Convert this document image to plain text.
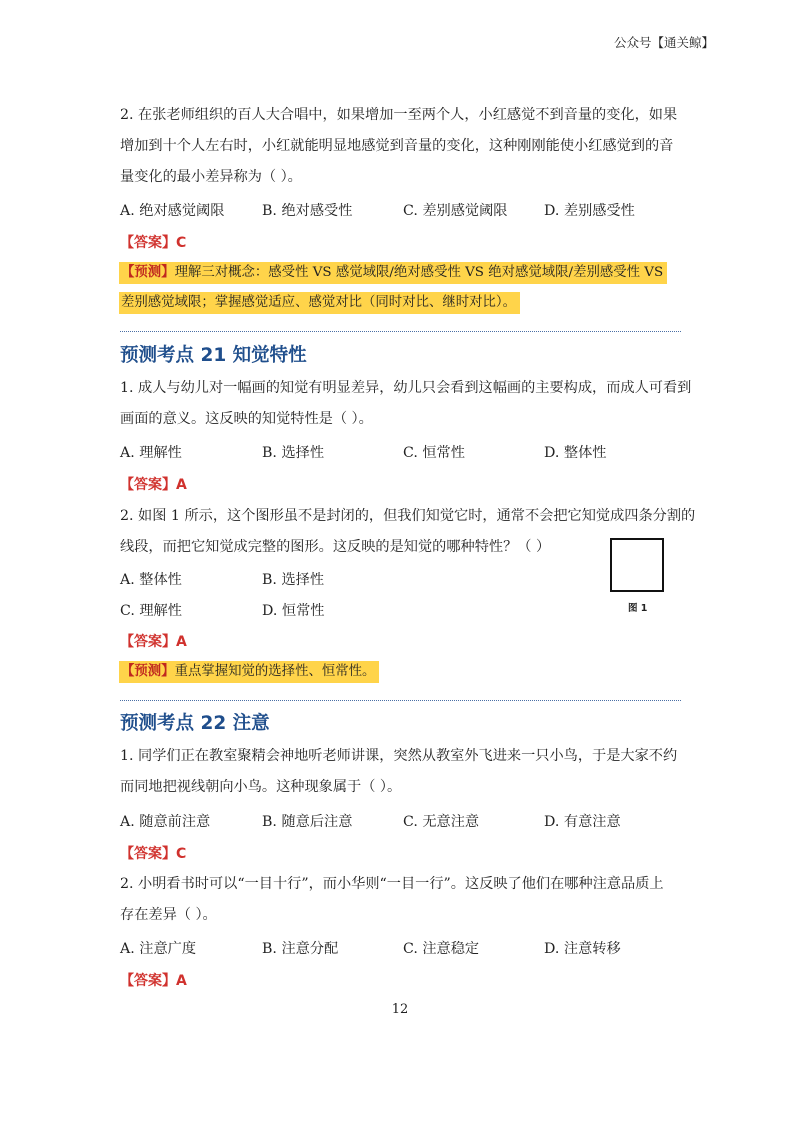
公众号【通关鲸】
2. 在张老师组织的百人大合唱中，如果增加一至两个人，小红感觉不到音量的变化，如果
增加到十个人左右时，小红就能明显地感觉到音量的变化，这种刚刚能使小红感觉到的音
量变化的最小差异称为（ ）。
A. 绝对感觉阈限	B. 绝对感受性	C. 差别感觉阈限	D. 差别感受性
【答案】C
【预测】理解三对概念：感受性 VS 感觉域限/绝对感受性 VS 绝对感觉域限/差别感受性 VS
差别感觉域限；掌握感觉适应、感觉对比（同时对比、继时对比）。
预测考点 21 知觉特性
1. 成人与幼儿对一幅画的知觉有明显差异，幼儿只会看到这幅画的主要构成，而成人可看到
画面的意义。这反映的知觉特性是（ ）。
A. 理解性	B. 选择性	C. 恒常性	D. 整体性
【答案】A
2. 如图 1 所示，这个图形虽不是封闭的，但我们知觉它时，通常不会把它知觉成四条分割的
线段，而把它知觉成完整的图形。这反映的是知觉的哪种特性？（ ）
A. 整体性	B. 选择性
C. 理解性	D. 恒常性	图 1
【答案】A
【预测】重点掌握知觉的选择性、恒常性。
预测考点 22 注意
1. 同学们正在教室聚精会神地听老师讲课，突然从教室外飞进来一只小鸟，于是大家不约
而同地把视线朝向小鸟。这种现象属于（ ）。
A. 随意前注意	B. 随意后注意	C. 无意注意	D. 有意注意
【答案】C
2. 小明看书时可以“一目十行”，而小华则“一目一行”。这反映了他们在哪种注意品质上
存在差异（ ）。
A. 注意广度	B. 注意分配	C. 注意稳定	D. 注意转移
【答案】A
12
